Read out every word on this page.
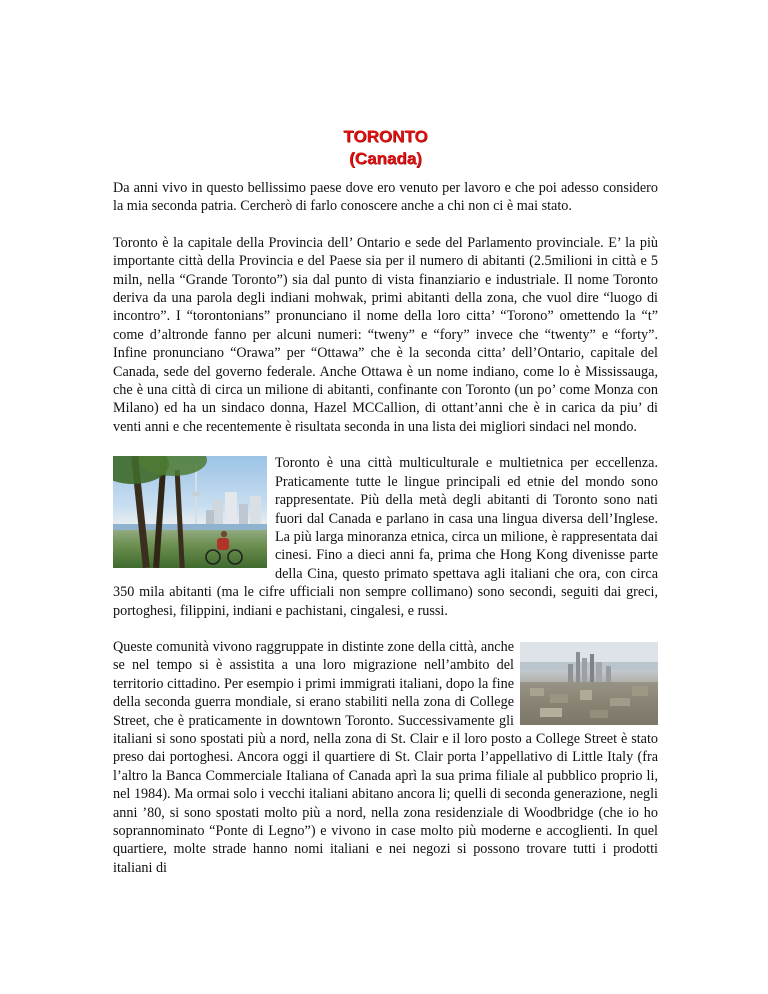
TORONTO
(Canada)

Da anni vivo in questo bellissimo paese dove ero venuto per lavoro e che poi adesso considero la mia seconda patria. Cercherò di farlo conoscere anche a chi non ci è mai stato.

Toronto è la capitale della Provincia dell’ Ontario e sede del Parlamento provinciale. E’ la più importante città della Provincia e del Paese sia per il numero di abitanti (2.5milioni in città e 5 miln, nella “Grande Toronto”) sia dal punto di vista finanziario e industriale. Il nome Toronto deriva da una parola degli indiani mohwak, primi abitanti della zona, che vuol dire “luogo di incontro”. I “torontonians” pronunciano il nome della loro citta’ “Torono” omettendo la “t” come d’altronde fanno per alcuni numeri: “tweny” e “fory” invece che “twenty” e “forty”. Infine pronunciano “Orawa” per “Ottawa” che è la seconda citta’ dell’Ontario, capitale del Canada, sede del governo federale. Anche Ottawa è un nome indiano, come lo è Mississauga, che è una città di circa un milione di abitanti, confinante con Toronto (un po’ come Monza con Milano) ed ha un sindaco donna, Hazel MCCallion, di ottant’anni che è in carica da piu’ di venti anni e che recentemente è risultata seconda in una lista dei migliori sindaci nel mondo.

Toronto è una città multiculturale e multietnica per eccellenza. Praticamente tutte le lingue principali ed etnie del mondo sono rappresentate. Più della metà degli abitanti di Toronto sono nati fuori dal Canada e parlano in casa una lingua diversa dell’Inglese. La più larga minoranza etnica, circa un milione, è rappresentata dai cinesi. Fino a dieci anni fa, prima che Hong Kong divenisse parte della Cina, questo primato spettava agli italiani che ora, con circa 350 mila abitanti (ma le cifre ufficiali non sempre collimano) sono secondi, seguiti dai greci, portoghesi, filippini, indiani e pachistani, cingalesi, e russi.

Queste comunità vivono raggruppate in distinte zone della città, anche se nel tempo si è assistita a una loro migrazione nell’ambito del territorio cittadino. Per esempio i primi immigrati italiani, dopo la fine della seconda guerra mondiale, si erano stabiliti nella zona di College Street, che è praticamente in downtown Toronto. Successivamente gli italiani si sono spostati più a nord, nella zona di St. Clair e il loro posto a College Street è stato preso dai portoghesi. Ancora oggi il quartiere di St. Clair porta l’appellativo di Little Italy (fra l’altro la Banca Commerciale Italiana of Canada aprì la sua prima filiale al pubblico proprio li, nel 1984). Ma ormai solo i vecchi italiani abitano ancora li; quelli di seconda generazione, negli anni ’80, si sono spostati molto più a nord, nella zona residenziale di Woodbridge (che io ho soprannominato “Ponte di Legno”) e vivono in case molto più moderne e accoglienti. In quel quartiere, molte strade hanno nomi italiani e nei negozi si possono trovare tutti i prodotti italiani di
